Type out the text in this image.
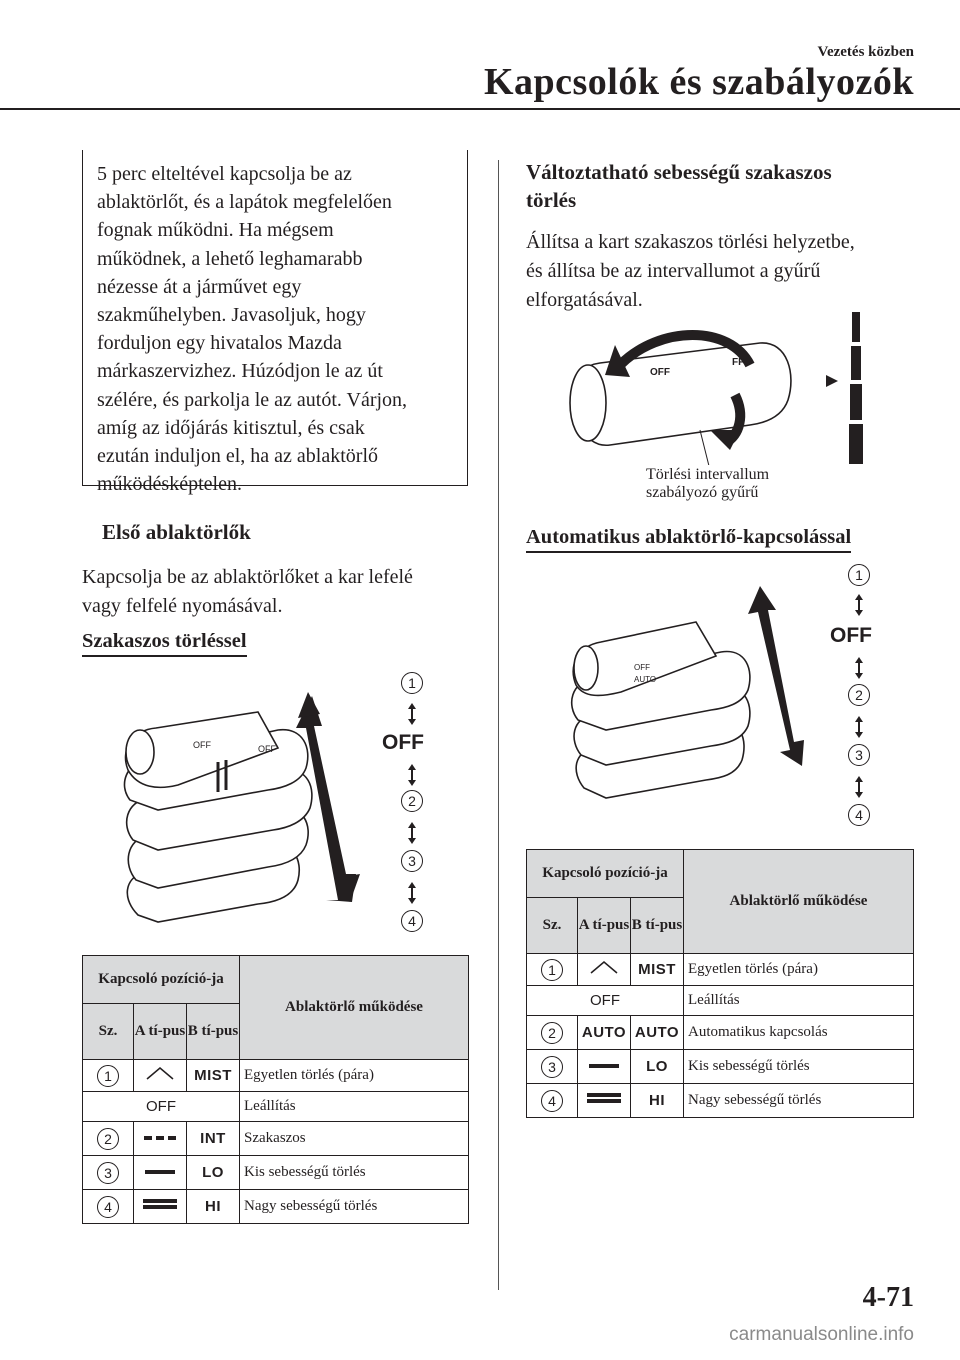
Vezetés közben
Kapcsolók és szabályozók

5 perc elteltével kapcsolja be az

ablaktörlőt, és a lapátok megfelelően

fognak működni. Ha mégsem

működnek, a lehető leghamarabb

nézesse át a járművet egy

szakműhelyben. Javasoljuk, hogy

forduljon egy hivatalos Mazda

márkaszervizhez. Húzódjon le az út

szélére, és parkolja le az autót. Várjon,

amíg az időjárás kitisztul, és csak

ezután induljon el, ha az ablaktörlő

működésképtelen.

Első ablaktörlők
Kapcsolja be az ablaktörlőket a kar lefelé
vagy felfelé nyomásával.
Szakaszos törléssel
OFF	OFF
1
OFF
2
3
4
Kapcsoló pozíció-ja			Ablaktörlő működése
Sz.	A tí-pus	B tí-pus	
1		MIST	Egyetlen törlés (pára)
OFF			Leállítás
2		INT	Szakaszos
3		LO	Kis sebességű törlés
4		HI	Nagy sebességű törlés
Változtatható sebességű szakaszos
törlés
Állítsa a kart szakaszos törlési helyzetbe,
és állítsa be az intervallumot a gyűrű
elforgatásával.
OFF
FF
Törlési intervallum
szabályozó gyűrű
Automatikus ablaktörlő-kapcsolással
OFF
AUTO
1
OFF
2
3
4
Kapcsoló pozíció-ja			Ablaktörlő működése
Sz.	A tí-pus	B tí-pus	
1		MIST	Egyetlen törlés (pára)
OFF			Leállítás
2	AUTO	AUTO	Automatikus kapcsolás
3		LO	Kis sebességű törlés
4		HI	Nagy sebességű törlés
4-71
carmanualsonline.info
